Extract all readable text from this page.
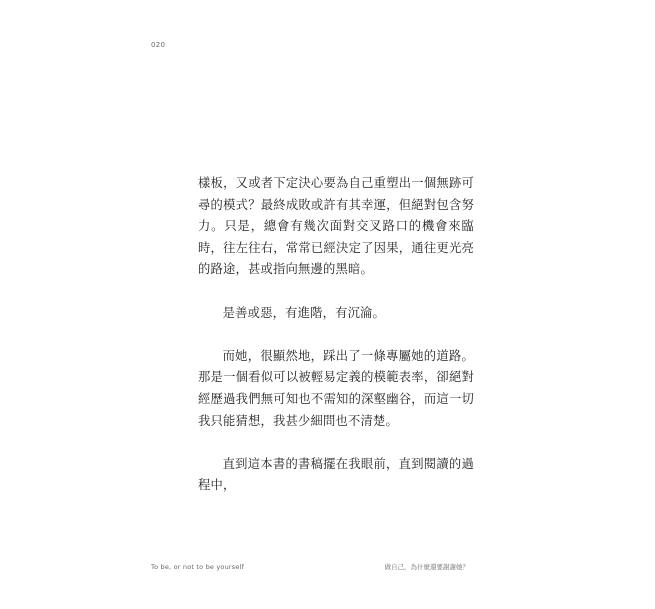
020

樣板，又或者下定決心要為自己重塑出一個無跡可尋的模式？最終成敗或許有其幸運，但絕對包含努力。只是，總會有幾次面對交叉路口的機會來臨時，往左往右，常常已經決定了因果，通往更光亮的路途，甚或指向無邊的黑暗。

是善或惡，有進階，有沉淪。

而她，很顯然地，踩出了一條專屬她的道路。那是一個看似可以被輕易定義的模範表率，卻絕對經歷過我們無可知也不需知的深壑幽谷，而這一切我只能猜想，我甚少細問也不清楚。

直到這本書的書稿擺在我眼前，直到閱讀的過程中，

To be, or not to be yourself	做自己，為什麼還要謝謝她？
